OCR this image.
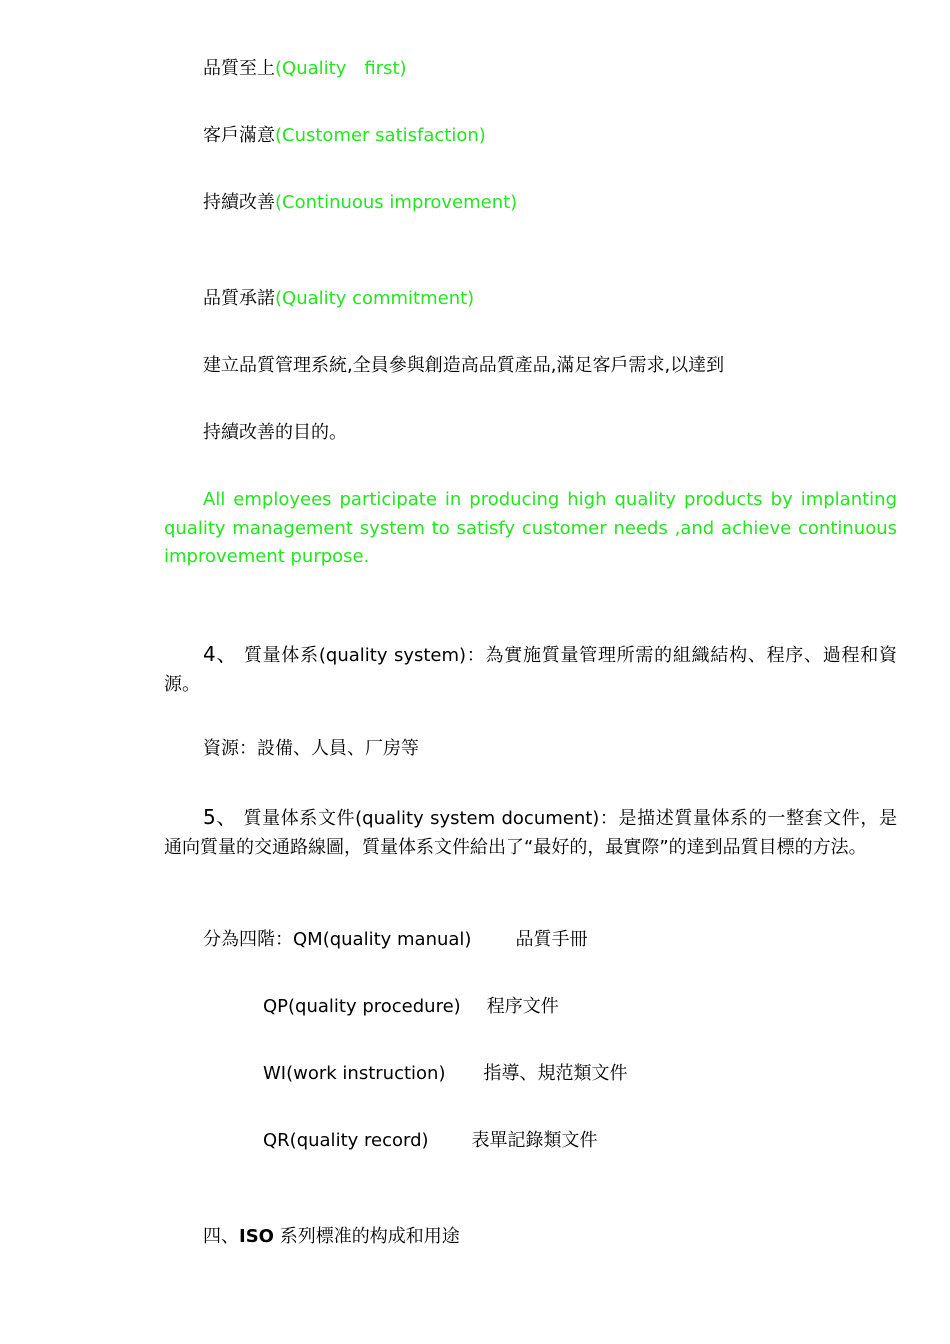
品質至上(Quality　first)
客戶滿意(Customer satisfaction)
持續改善(Continuous improvement)
品質承諾(Quality commitment)
建立品質管理系統,全員參與創造高品質產品,滿足客戶需求,以達到
持續改善的目的。
All employees participate in producing high quality products by implanting quality management system to satisfy customer needs ,and achieve continuous improvement purpose.
4、 質量体系(quality system)：為實施質量管理所需的組織結构、程序、過程和資源。
資源：設備、人員、厂房等
5、 質量体系文件(quality system document)：是描述質量体系的一整套文件，是通向質量的交通路線圖，質量体系文件給出了“最好的，最實際”的達到品質目標的方法。
分為四階：QM(quality manual) 品質手冊
QP(quality procedure) 程序文件
WI(work instruction) 指導、規范類文件
QR(quality record) 表單記錄類文件
四、ISO 系列標准的构成和用途
